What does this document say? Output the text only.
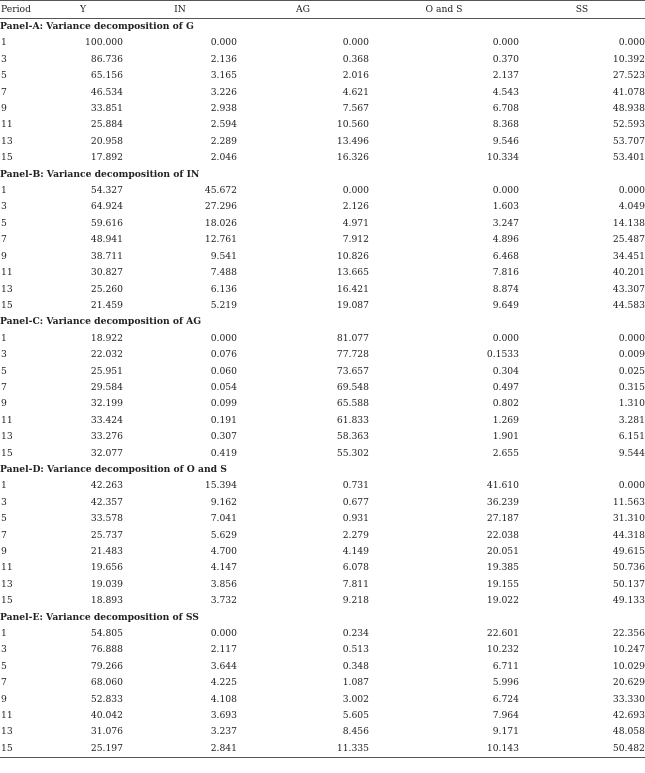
Period	Y	IN	AG	O and S	SS
Panel-A: Variance decomposition of G					
1	100.000	0.000	0.000	0.000	0.000
3	86.736	2.136	0.368	0.370	10.392
5	65.156	3.165	2.016	2.137	27.523
7	46.534	3.226	4.621	4.543	41.078
9	33.851	2.938	7.567	6.708	48.938
11	25.884	2.594	10.560	8.368	52.593
13	20.958	2.289	13.496	9.546	53.707
15	17.892	2.046	16.326	10.334	53.401
Panel-B: Variance decomposition of IN					
1	54.327	45.672	0.000	0.000	0.000
3	64.924	27.296	2.126	1.603	4.049
5	59.616	18.026	4.971	3.247	14.138
7	48.941	12.761	7.912	4.896	25.487
9	38.711	9.541	10.826	6.468	34.451
11	30.827	7.488	13.665	7.816	40.201
13	25.260	6.136	16.421	8.874	43.307
15	21.459	5.219	19.087	9.649	44.583
Panel-C: Variance decomposition of AG					
1	18.922	0.000	81.077	0.000	0.000
3	22.032	0.076	77.728	0.1533	0.009
5	25.951	0.060	73.657	0.304	0.025
7	29.584	0.054	69.548	0.497	0.315
9	32.199	0.099	65.588	0.802	1.310
11	33.424	0.191	61.833	1.269	3.281
13	33.276	0.307	58.363	1.901	6.151
15	32.077	0.419	55.302	2.655	9.544
Panel-D: Variance decomposition of O and S					
1	42.263	15.394	0.731	41.610	0.000
3	42.357	9.162	0.677	36.239	11.563
5	33.578	7.041	0.931	27.187	31.310
7	25.737	5.629	2.279	22.038	44.318
9	21.483	4.700	4.149	20.051	49.615
11	19.656	4.147	6.078	19.385	50.736
13	19.039	3.856	7.811	19.155	50.137
15	18.893	3.732	9.218	19.022	49.133
Panel-E: Variance decomposition of SS					
1	54.805	0.000	0.234	22.601	22.356
3	76.888	2.117	0.513	10.232	10.247
5	79.266	3.644	0.348	6.711	10.029
7	68.060	4.225	1.087	5.996	20.629
9	52.833	4.108	3.002	6.724	33.330
11	40.042	3.693	5.605	7.964	42.693
13	31.076	3.237	8.456	9.171	48.058
15	25.197	2.841	11.335	10.143	50.482
